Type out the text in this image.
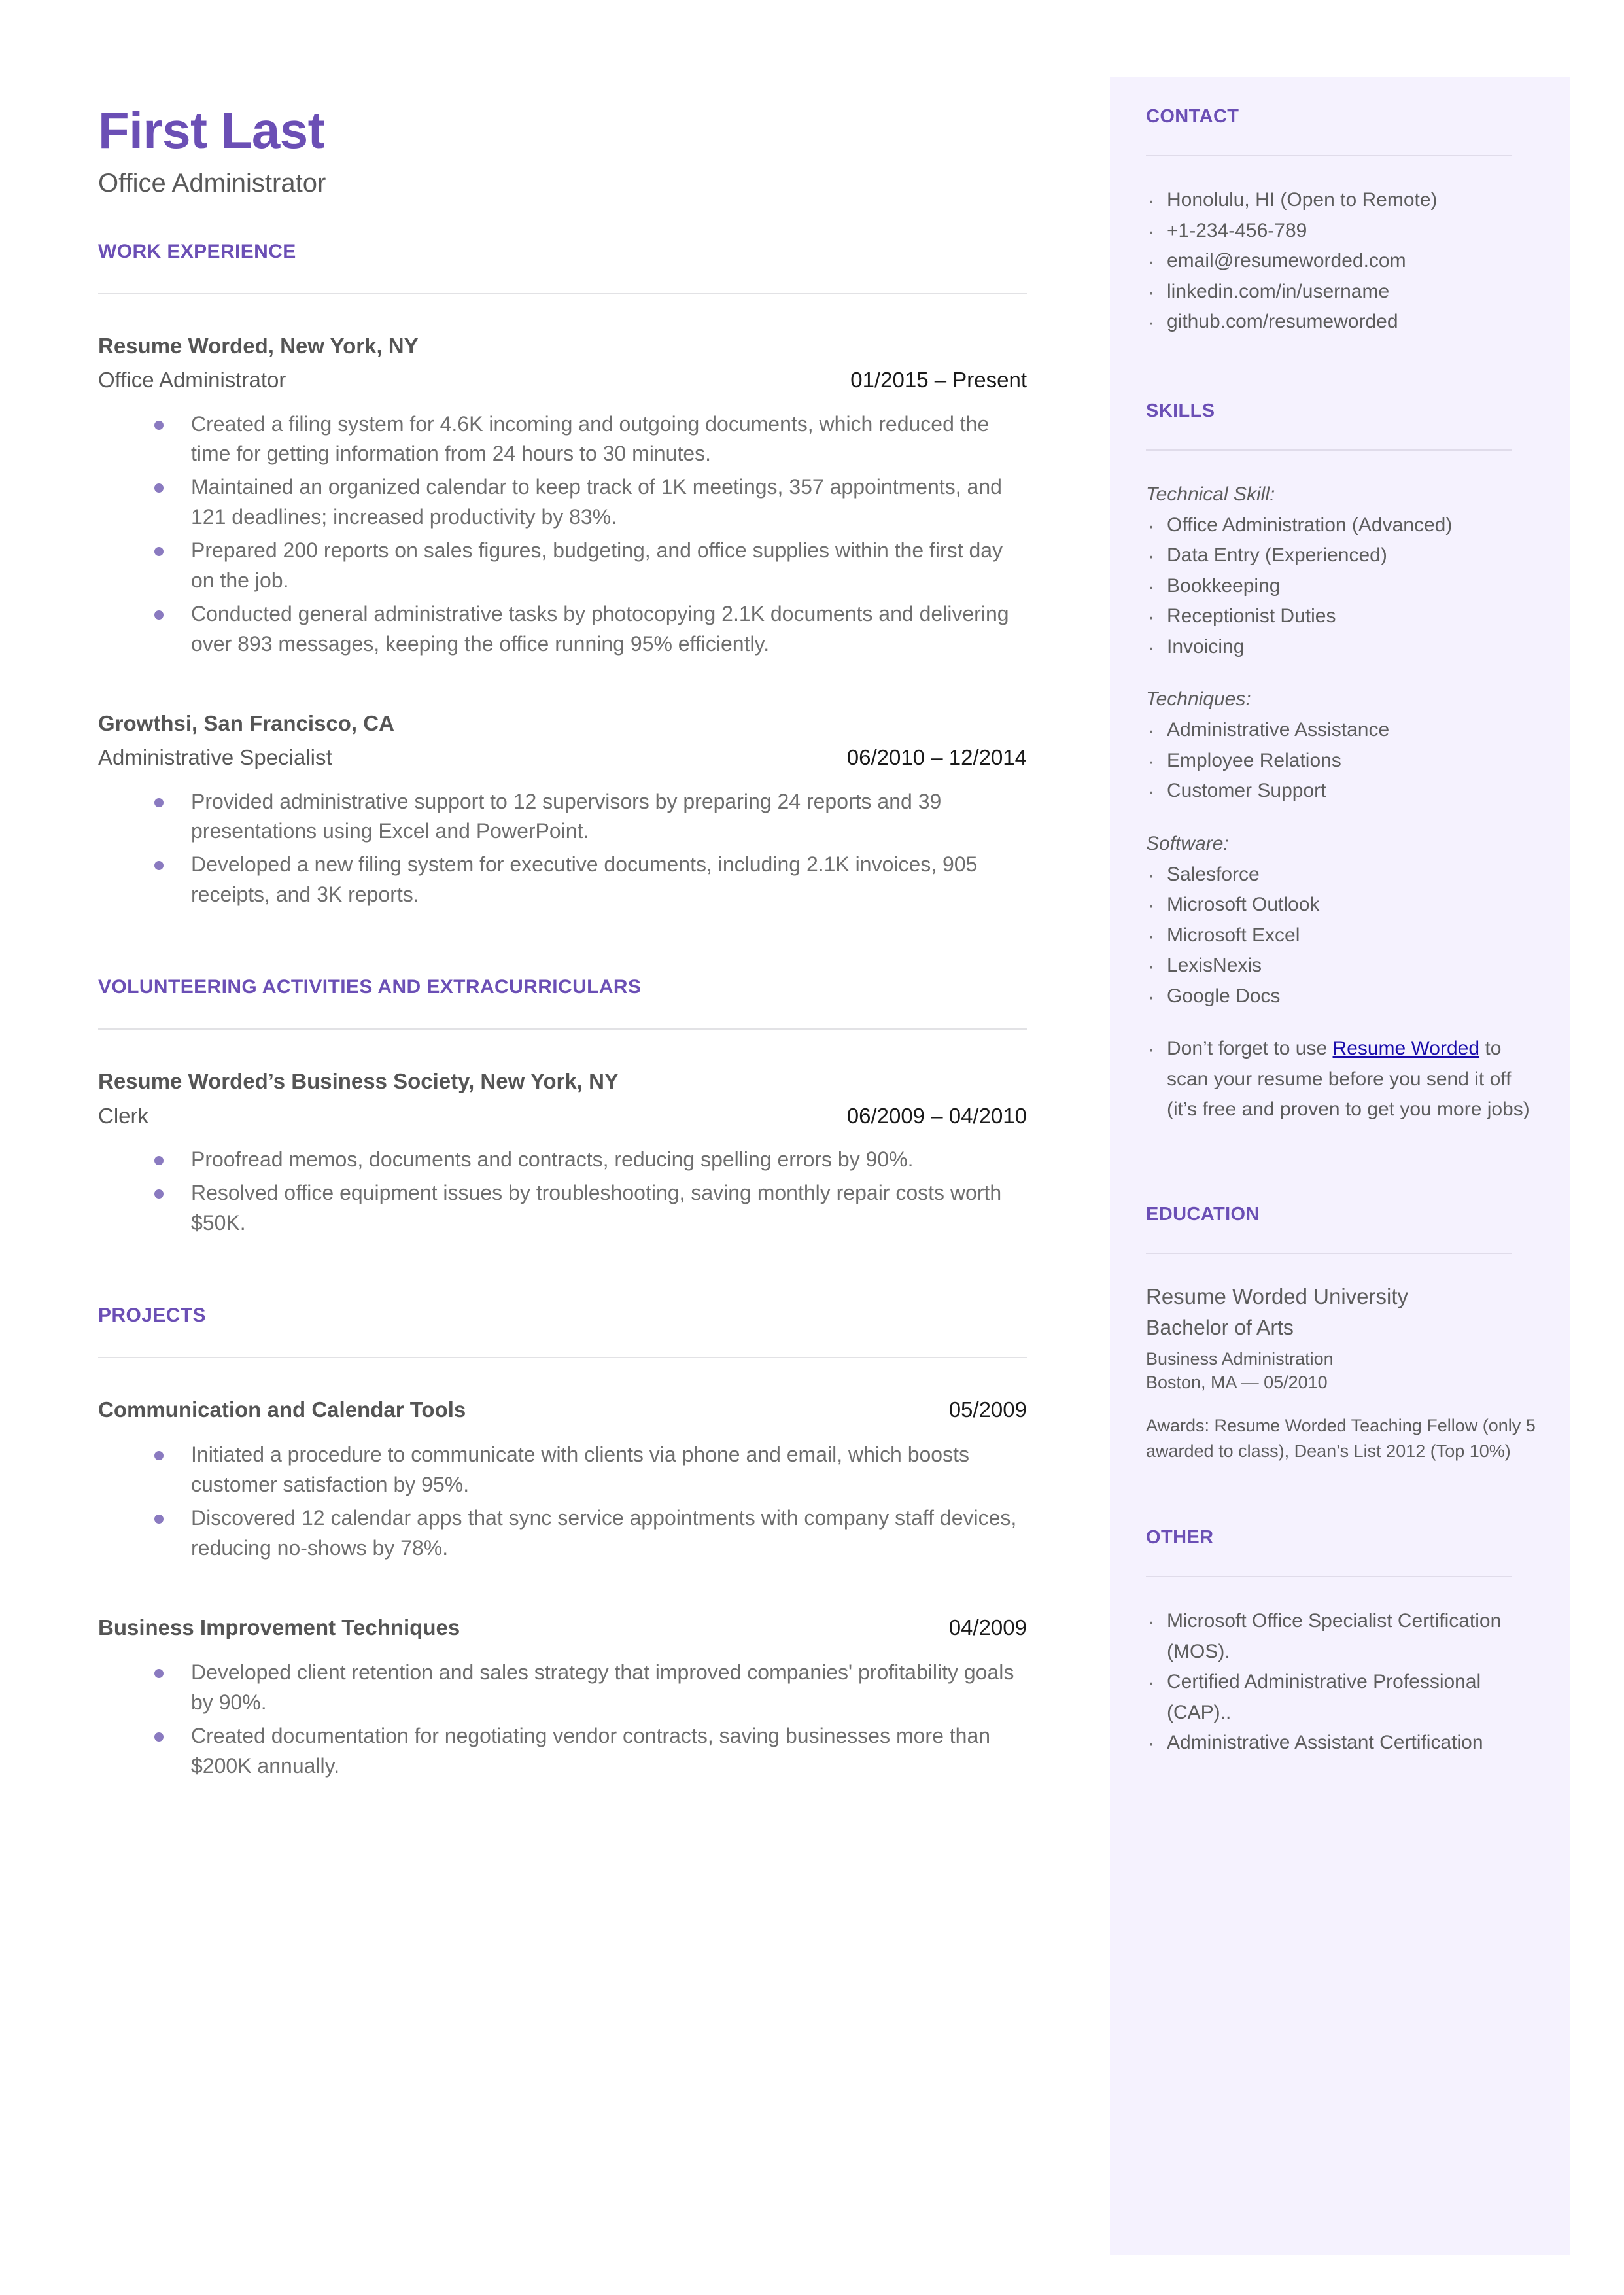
CONTACT
· Honolulu, HI (Open to Remote)
· +1-234-456-789
· email@resumeworded.com
· linkedin.com/in/username
· github.com/resumeworded
SKILLS
Technical Skill:
· Office Administration (Advanced)
· Data Entry (Experienced)
· Bookkeeping
· Receptionist Duties
· Invoicing
Techniques:
· Administrative Assistance
· Employee Relations
· Customer Support
Software:
· Salesforce
· Microsoft Outlook
· Microsoft Excel
· LexisNexis
· Google Docs

· Don’t forget to use Resume Worded to scan your resume before you send it off (it’s free and proven to get you more jobs)

EDUCATION
Resume Worded University
Bachelor of Arts
Business Administration
Boston, MA — 05/2010
Awards: Resume Worded Teaching Fellow (only 5 awarded to class), Dean’s List 2012 (Top 10%)
OTHER
· Microsoft Office Specialist Certification (MOS).
· Certified Administrative Professional (CAP)..
· Administrative Assistant Certification
First Last
Office Administrator
WORK EXPERIENCE
Resume Worded, New York, NY
Office Administrator	01/2015 – Present
Created a filing system for 4.6K incoming and outgoing documents, which reduced the time for getting information from 24 hours to 30 minutes.
Maintained an organized calendar to keep track of 1K meetings, 357 appointments, and 121 deadlines; increased productivity by 83%.
Prepared 200 reports on sales figures, budgeting, and office supplies within the first day on the job.
Conducted general administrative tasks by photocopying 2.1K documents and delivering over 893 messages, keeping the office running 95% efficiently.
Growthsi, San Francisco, CA
Administrative Specialist	06/2010 – 12/2014
Provided administrative support to 12 supervisors by preparing 24 reports and 39 presentations using Excel and PowerPoint.
Developed a new filing system for executive documents, including 2.1K invoices, 905 receipts, and 3K reports.
VOLUNTEERING ACTIVITIES AND EXTRACURRICULARS
Resume Worded’s Business Society, New York, NY
Clerk	06/2009 – 04/2010
Proofread memos, documents and contracts, reducing spelling errors by 90%.
Resolved office equipment issues by troubleshooting, saving monthly repair costs worth $50K.
PROJECTS
Communication and Calendar Tools	05/2009
Initiated a procedure to communicate with clients via phone and email, which boosts customer satisfaction by 95%.
Discovered 12 calendar apps that sync service appointments with company staff devices, reducing no-shows by 78%.
Business Improvement Techniques	04/2009
Developed client retention and sales strategy that improved companies' profitability goals by 90%.
Created documentation for negotiating vendor contracts, saving businesses more than $200K annually.
